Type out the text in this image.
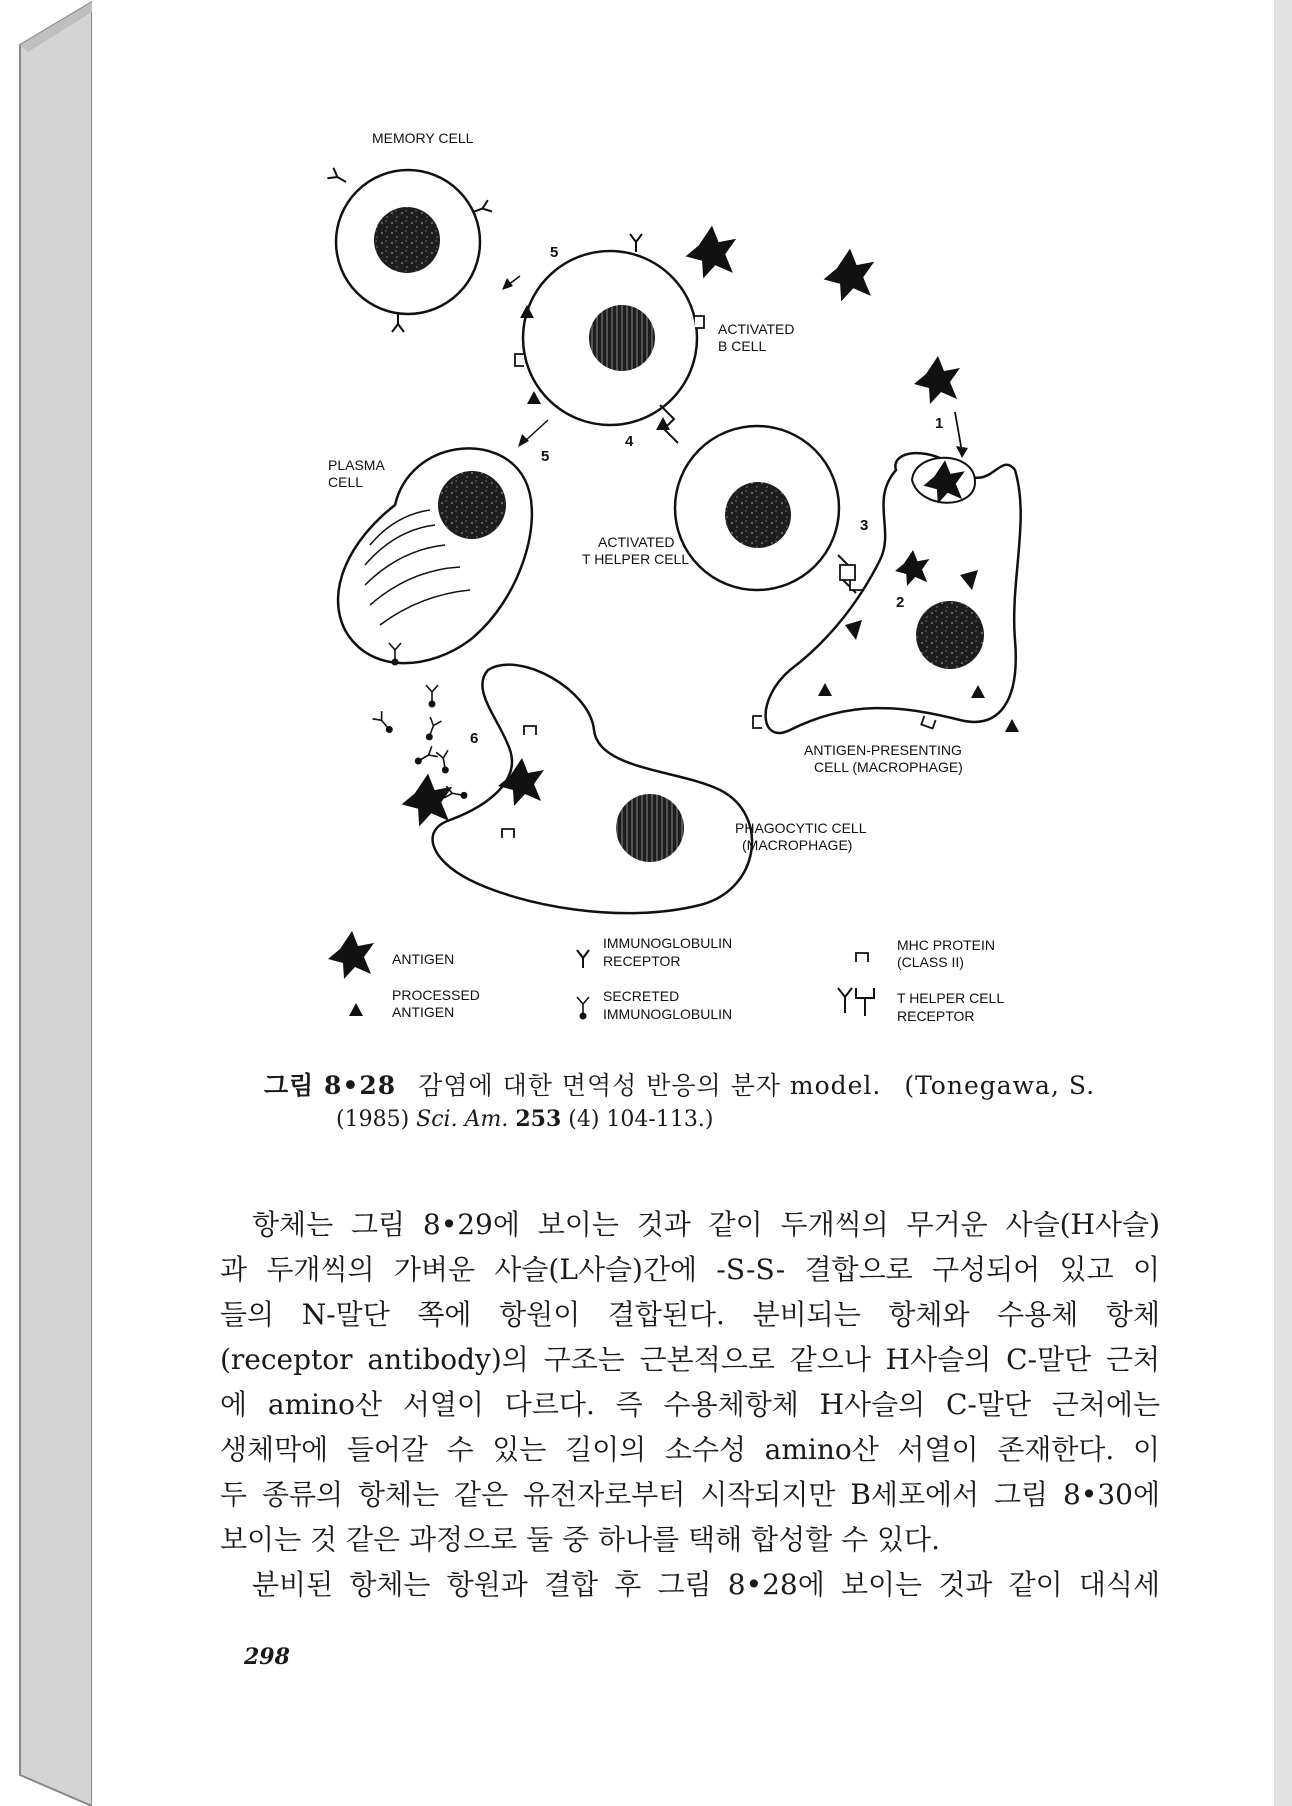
MEMORY CELL
ACTIVATED
B CELL
ACTIVATED
T HELPER CELL
PLASMA
CELL
ANTIGEN-PRESENTING
CELL (MACROPHAGE)
PHAGOCYTIC CELL
(MACROPHAGE)
1
2
3
4
5
5
6
ANTIGEN
PROCESSED
ANTIGEN
IMMUNOGLOBULIN
RECEPTOR
SECRETED
IMMUNOGLOBULIN
MHC PROTEIN
(CLASS II)
T HELPER CELL
RECEPTOR
그림 8•28 감염에 대한 면역성 반응의 분자 model. (Tonegawa, S.
(1985) Sci. Am. 253 (4) 104-113.)
항체는 그림 8•29에 보이는 것과 같이 두개씩의 무거운 사슬(H사슬)
과 두개씩의 가벼운 사슬(L사슬)간에 -S-S- 결합으로 구성되어 있고 이
들의 N-말단 쪽에 항원이 결합된다. 분비되는 항체와 수용체 항체
(receptor antibody)의 구조는 근본적으로 같으나 H사슬의 C-말단 근처
에 amino산 서열이 다르다. 즉 수용체항체 H사슬의 C-말단 근처에는
생체막에 들어갈 수 있는 길이의 소수성 amino산 서열이 존재한다. 이
두 종류의 항체는 같은 유전자로부터 시작되지만 B세포에서 그림 8•30에
보이는 것 같은 과정으로 둘 중 하나를 택해 합성할 수 있다.
분비된 항체는 항원과 결합 후 그림 8•28에 보이는 것과 같이 대식세
298
